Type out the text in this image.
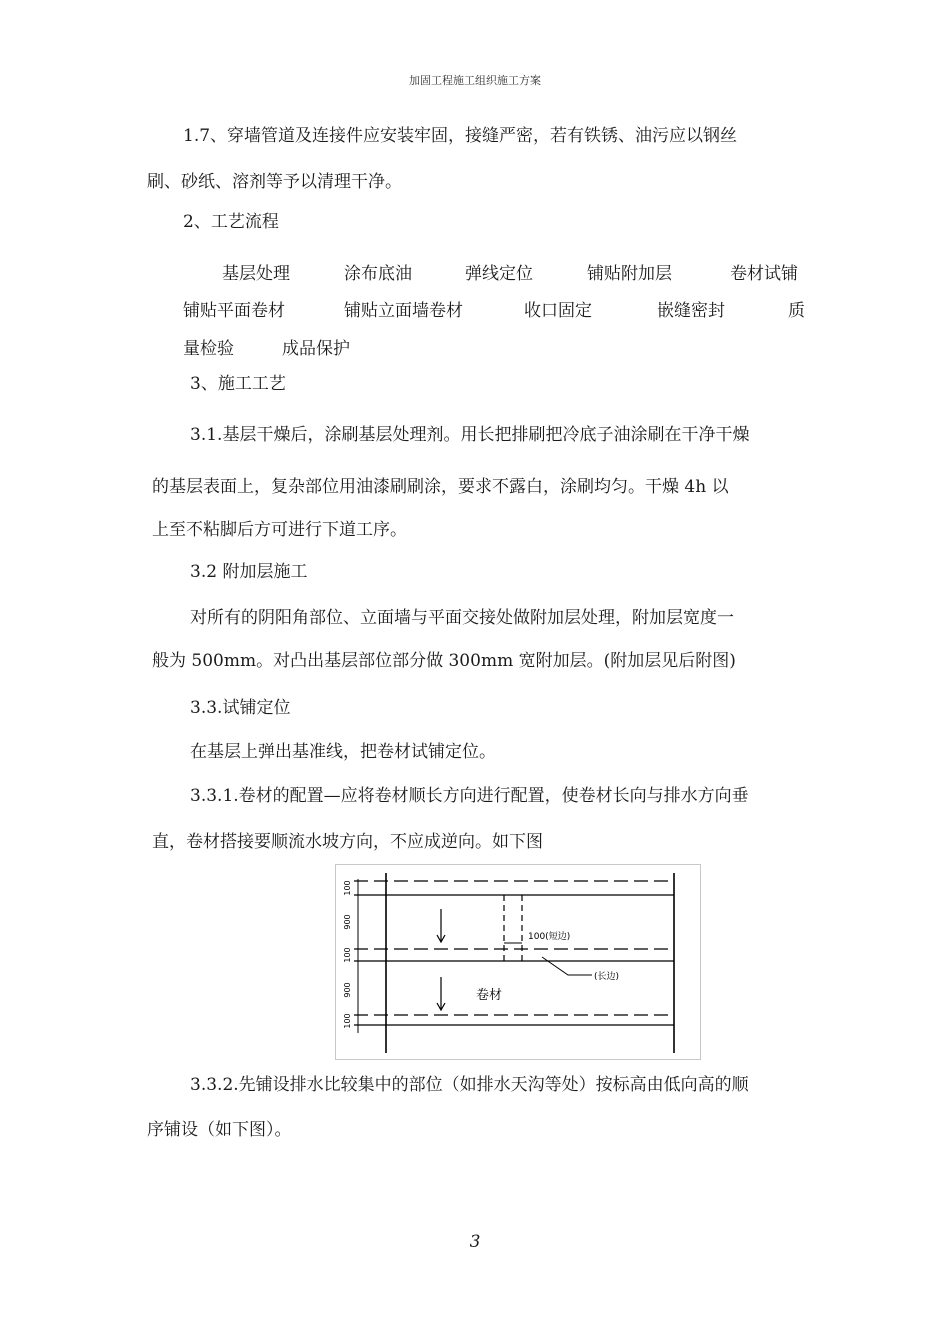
加固工程施工组织施工方案
1.7、穿墙管道及连接件应安装牢固，接缝严密，若有铁锈、油污应以钢丝
刷、砂纸、溶剂等予以清理干净。
2、工艺流程
基层处理	涂布底油	弹线定位	铺贴附加层	卷材试铺
铺贴平面卷材	铺贴立面墙卷材	收口固定	嵌缝密封	质
量检验	成品保护
3、施工工艺
3.1.基层干燥后，涂刷基层处理剂。用长把排刷把冷底子油涂刷在干净干燥
的基层表面上，复杂部位用油漆刷刷涂，要求不露白，涂刷均匀。干燥 4h 以
上至不粘脚后方可进行下道工序。
3.2 附加层施工
对所有的阴阳角部位、立面墙与平面交接处做附加层处理，附加层宽度一
般为 500mm。对凸出基层部位部分做 300mm 宽附加层。(附加层见后附图)
3.3.试铺定位
在基层上弹出基准线，把卷材试铺定位。
3.3.1.卷材的配置—应将卷材顺长方向进行配置，使卷材长向与排水方向垂
直，卷材搭接要顺流水坡方向，不应成逆向。如下图
100
900
100
900
100
100(短边)
(长边)
卷材
3.3.2.先铺设排水比较集中的部位（如排水天沟等处）按标高由低向高的顺
序铺设（如下图）。
3
